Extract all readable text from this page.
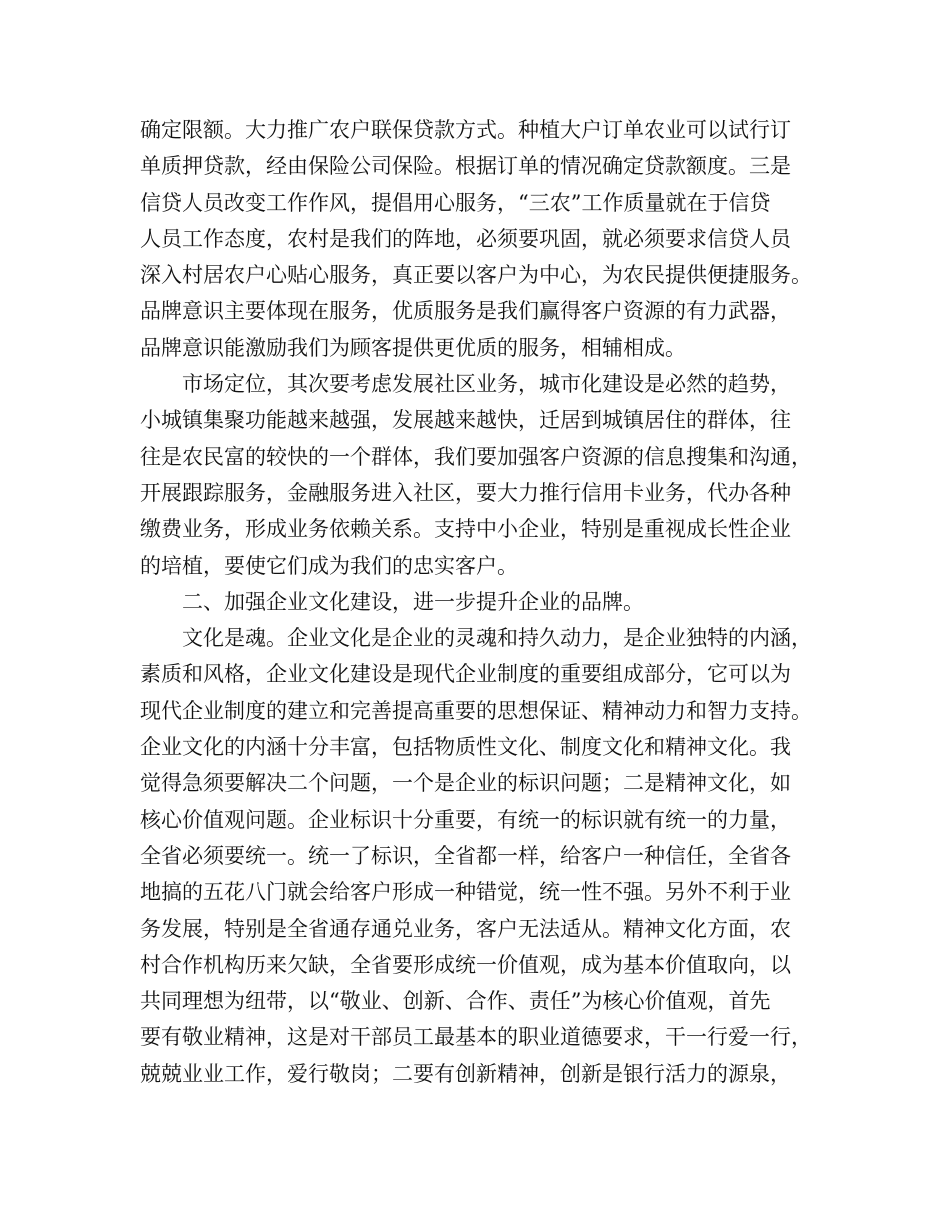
确定限额。大力推广农户联保贷款方式。种植大户订单农业可以试行订
单质押贷款，经由保险公司保险。根据订单的情况确定贷款额度。三是
信贷人员改变工作作风，提倡用心服务，“三农”工作质量就在于信贷
人员工作态度，农村是我们的阵地，必须要巩固，就必须要求信贷人员
深入村居农户心贴心服务，真正要以客户为中心，为农民提供便捷服务。
品牌意识主要体现在服务，优质服务是我们赢得客户资源的有力武器，
品牌意识能激励我们为顾客提供更优质的服务，相辅相成。
市场定位，其次要考虑发展社区业务，城市化建设是必然的趋势，
小城镇集聚功能越来越强，发展越来越快，迁居到城镇居住的群体，往
往是农民富的较快的一个群体，我们要加强客户资源的信息搜集和沟通，
开展跟踪服务，金融服务进入社区，要大力推行信用卡业务，代办各种
缴费业务，形成业务依赖关系。支持中小企业，特别是重视成长性企业
的培植，要使它们成为我们的忠实客户。
二、加强企业文化建设，进一步提升企业的品牌。
文化是魂。企业文化是企业的灵魂和持久动力，是企业独特的内涵，
素质和风格，企业文化建设是现代企业制度的重要组成部分，它可以为
现代企业制度的建立和完善提高重要的思想保证、精神动力和智力支持。
企业文化的内涵十分丰富，包括物质性文化、制度文化和精神文化。我
觉得急须要解决二个问题，一个是企业的标识问题；二是精神文化，如
核心价值观问题。企业标识十分重要，有统一的标识就有统一的力量，
全省必须要统一。统一了标识，全省都一样，给客户一种信任，全省各
地搞的五花八门就会给客户形成一种错觉，统一性不强。另外不利于业
务发展，特别是全省通存通兑业务，客户无法适从。精神文化方面，农
村合作机构历来欠缺，全省要形成统一价值观，成为基本价值取向，以
共同理想为纽带，以“敬业、创新、合作、责任”为核心价值观，首先
要有敬业精神，这是对干部员工最基本的职业道德要求，干一行爱一行，
兢兢业业工作，爱行敬岗；二要有创新精神，创新是银行活力的源泉，
